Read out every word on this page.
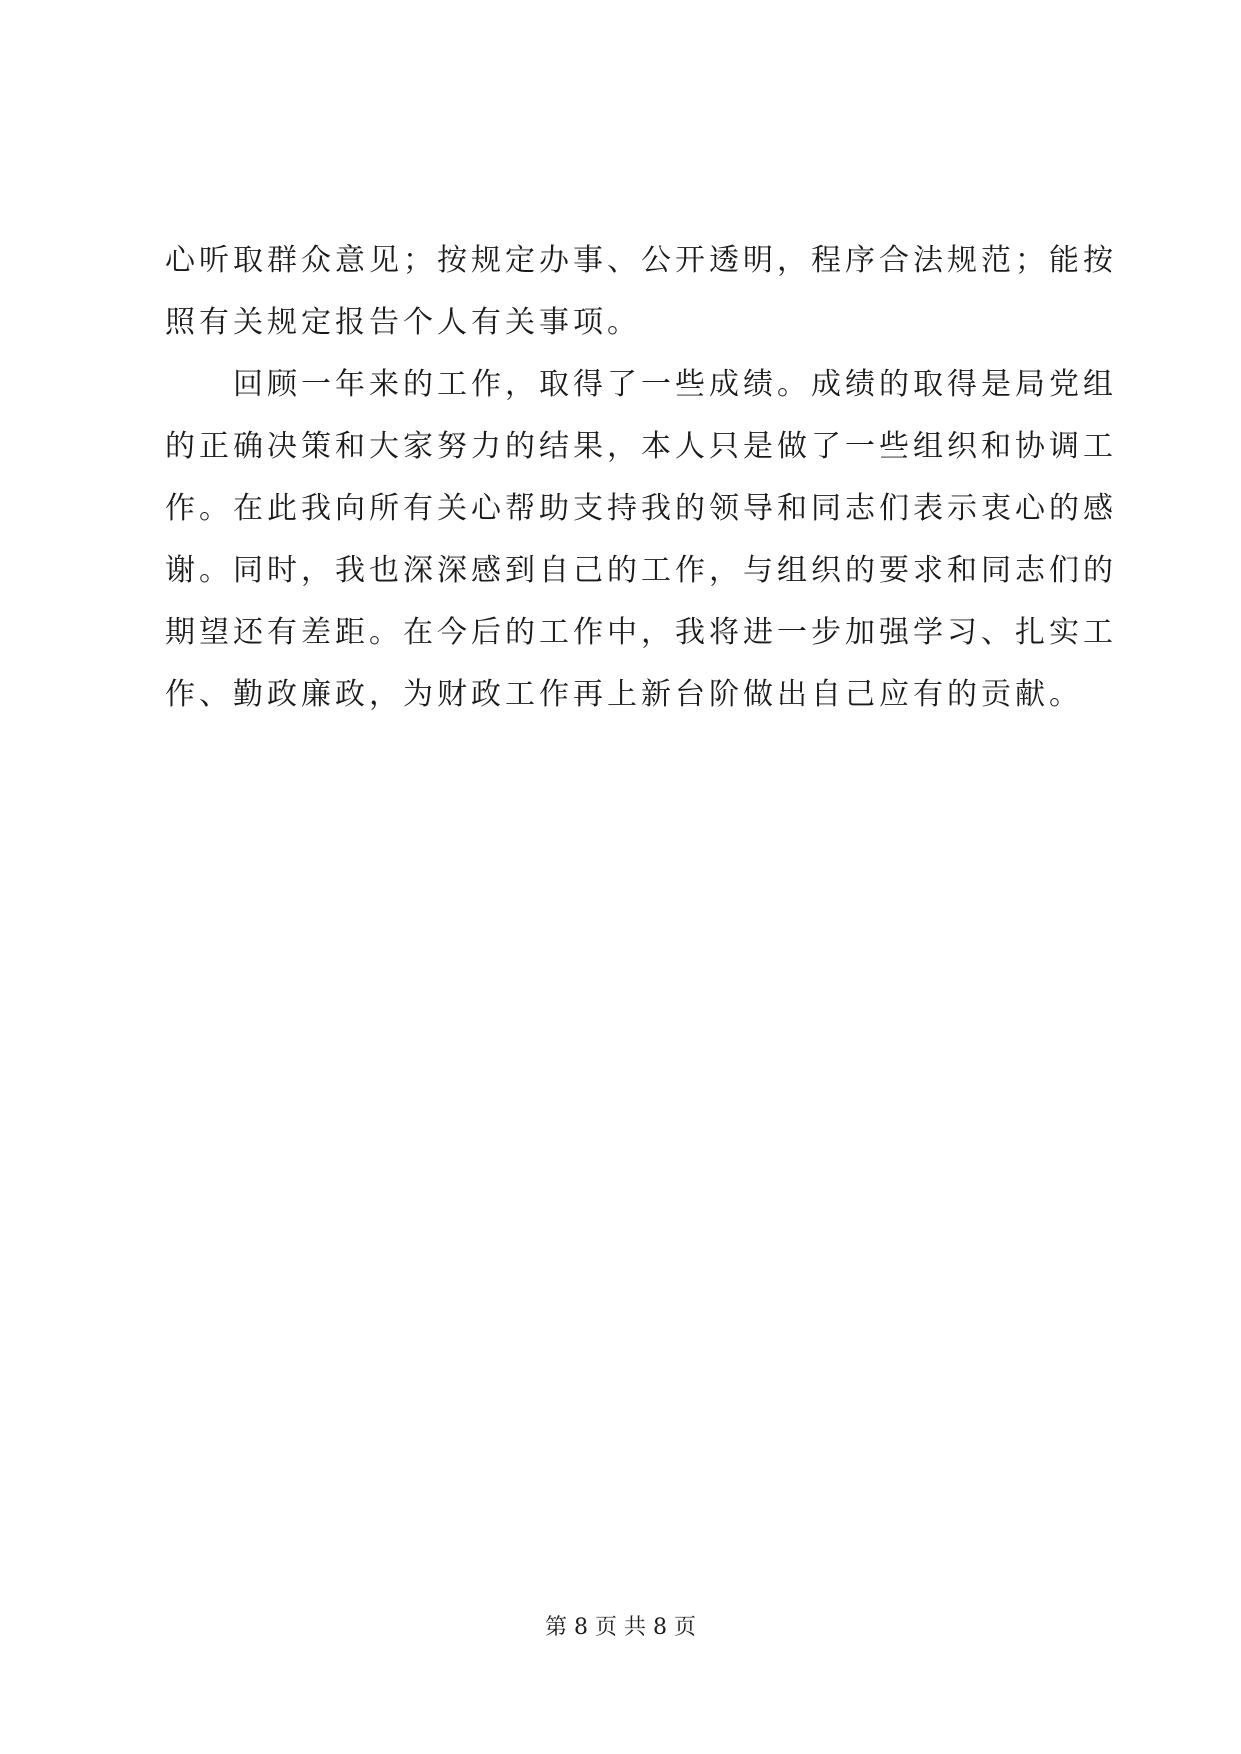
心听取群众意见；按规定办事、公开透明，程序合法规范；能按
照有关规定报告个人有关事项。
回顾一年来的工作，取得了一些成绩。成绩的取得是局党组
的正确决策和大家努力的结果，本人只是做了一些组织和协调工
作。在此我向所有关心帮助支持我的领导和同志们表示衷心的感
谢。同时，我也深深感到自己的工作，与组织的要求和同志们的
期望还有差距。在今后的工作中，我将进一步加强学习、扎实工
作、勤政廉政，为财政工作再上新台阶做出自己应有的贡献。
第 8 页 共 8 页
